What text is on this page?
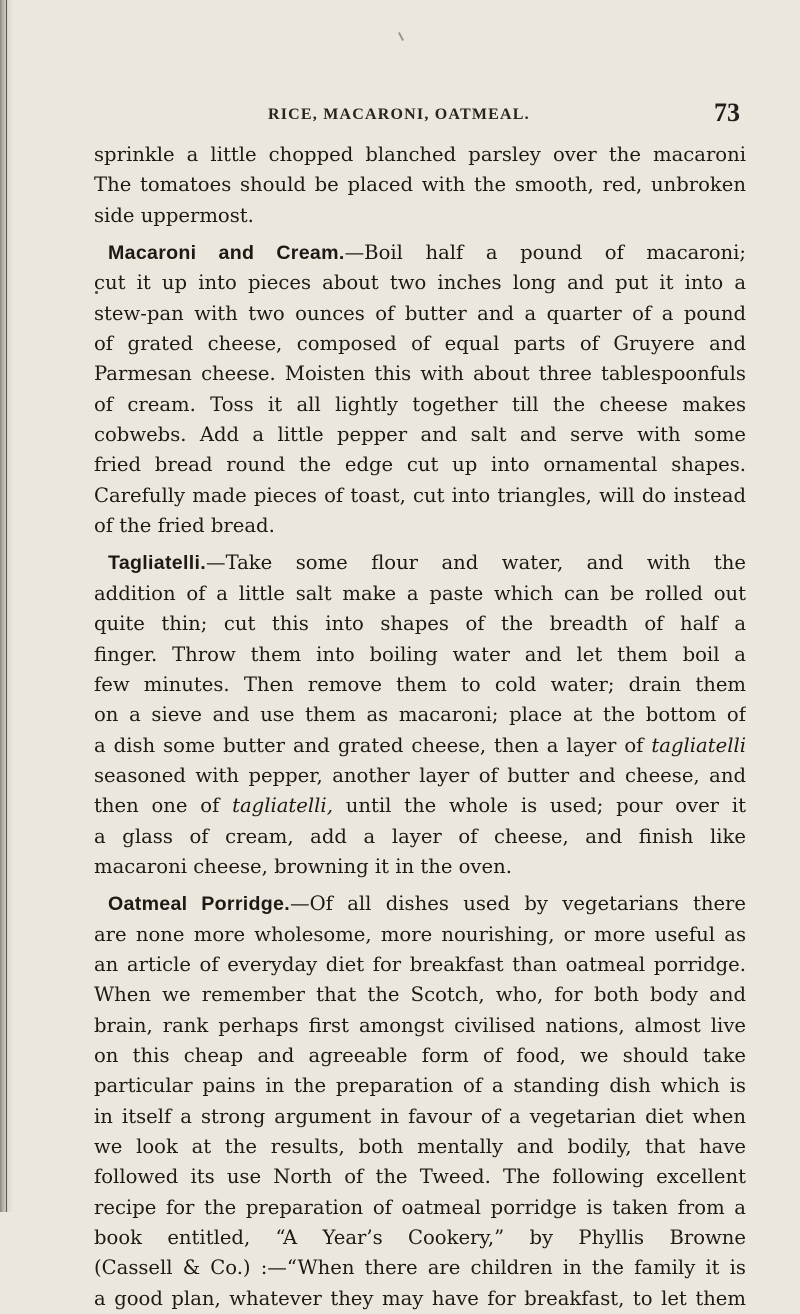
RICE, MACARONI, OATMEAL.	73
sprinkle a little chopped blanched parsley over the macaroni
The tomatoes should be placed with the smooth, red, unbroken
side uppermost.
Macaroni and Cream.—Boil half a pound of macaroni;
cut it up into pieces about two inches long and put it into a
stew-pan with two ounces of butter and a quarter of a pound
of grated cheese, composed of equal parts of Gruyere and
Parmesan cheese. Moisten this with about three tablespoonfuls
of cream. Toss it all lightly together till the cheese makes
cobwebs. Add a little pepper and salt and serve with some
fried bread round the edge cut up into ornamental shapes.
Carefully made pieces of toast, cut into triangles, will do instead
of the fried bread.
Tagliatelli.—Take some flour and water, and with the
addition of a little salt make a paste which can be rolled out
quite thin; cut this into shapes of the breadth of half a
finger. Throw them into boiling water and let them boil a
few minutes. Then remove them to cold water; drain them
on a sieve and use them as macaroni; place at the bottom of
a dish some butter and grated cheese, then a layer of tagliatelli
seasoned with pepper, another layer of butter and cheese, and
then one of tagliatelli, until the whole is used; pour over it
a glass of cream, add a layer of cheese, and finish like
macaroni cheese, browning it in the oven.
Oatmeal Porridge.—Of all dishes used by vegetarians there
are none more wholesome, more nourishing, or more useful as
an article of everyday diet for breakfast than oatmeal porridge.
When we remember that the Scotch, who, for both body and
brain, rank perhaps first amongst civilised nations, almost live
on this cheap and agreeable form of food, we should take
particular pains in the preparation of a standing dish which is
in itself a strong argument in favour of a vegetarian diet when
we look at the results, both mentally and bodily, that have
followed its use North of the Tweed. The following excellent
recipe for the preparation of oatmeal porridge is taken from a
book entitled, “A Year’s Cookery,” by Phyllis Browne
(Cassell & Co.) :—“When there are children in the family it is
a good plan, whatever they may have for breakfast, to let them
